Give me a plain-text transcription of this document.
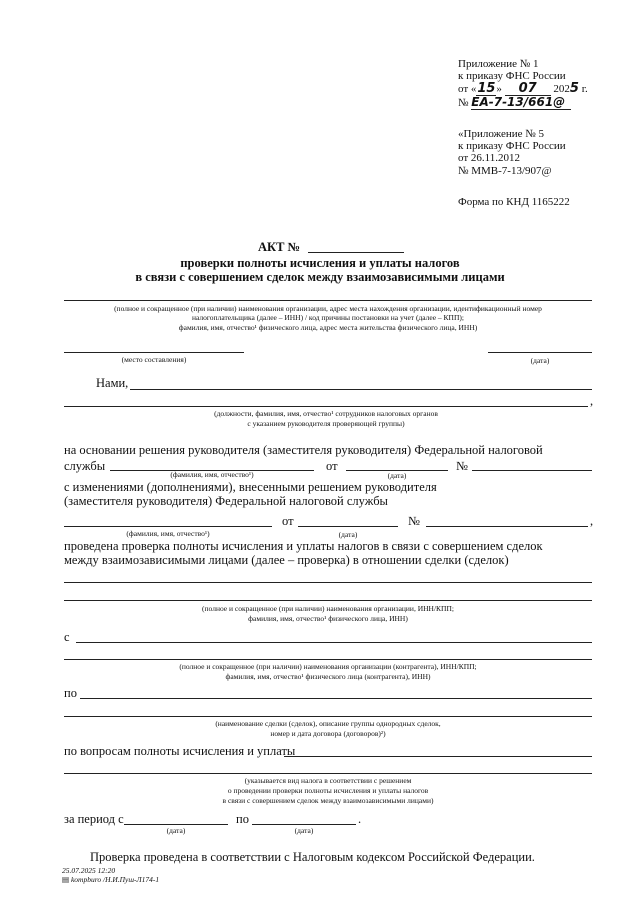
Приложение № 1
к приказу ФНС России
от «15» 07 2025 г.
№ ЕА-7-13/661@
«Приложение № 5
к приказу ФНС России
от 26.11.2012
№ ММВ-7-13/907@
Форма по КНД 1165222
АКТ №
проверки полноты исчисления и уплаты налогов
в связи с совершением сделок между взаимозависимыми лицами
(полное и сокращенное (при наличии) наименования организации, адрес места нахождения организации, идентификационный номер
налогоплательщика (далее – ИНН) / код причины постановки на учет (далее – КПП);
фамилия, имя, отчество¹ физического лица, адрес места жительства физического лица, ИНН)
(место составления)	(дата)
Нами,
,
(должности, фамилия, имя, отчество¹ сотрудников налоговых органов
с указанием руководителя проверяющей группы)
на основании решения руководителя (заместителя руководителя) Федеральной налоговой
службы	от	№
(фамилия, имя, отчество¹)	(дата)
с изменениями (дополнениями), внесенными решением руководителя
(заместителя руководителя) Федеральной налоговой службы
от	№	,
(фамилия, имя, отчество¹)	(дата)
проведена проверка полноты исчисления и уплаты налогов в связи с совершением сделок
между взаимозависимыми лицами (далее – проверка) в отношении сделки (сделок)
(полное и сокращенное (при наличии) наименования организации, ИНН/КПП;
фамилия, имя, отчество¹ физического лица, ИНН)
с
(полное и сокращенное (при наличии) наименования организации (контрагента), ИНН/КПП;
фамилия, имя, отчество¹ физического лица (контрагента), ИНН)
по
(наименование сделки (сделок), описание группы однородных сделок,
номер и дата договора (договоров)²)
по вопросам полноты исчисления и уплаты
(указывается вид налога в соответствии с решением
о проведении проверки полноты исчисления и уплаты налогов
в связи с совершением сделок между взаимозависимыми лицами)
за период с	по	.
(дата)	(дата)
Проверка проведена в соответствии с Налоговым кодексом Российской Федерации.
25.07.2025 12:20
▤ kompburo /Н.И.Пуш-Л174-1
